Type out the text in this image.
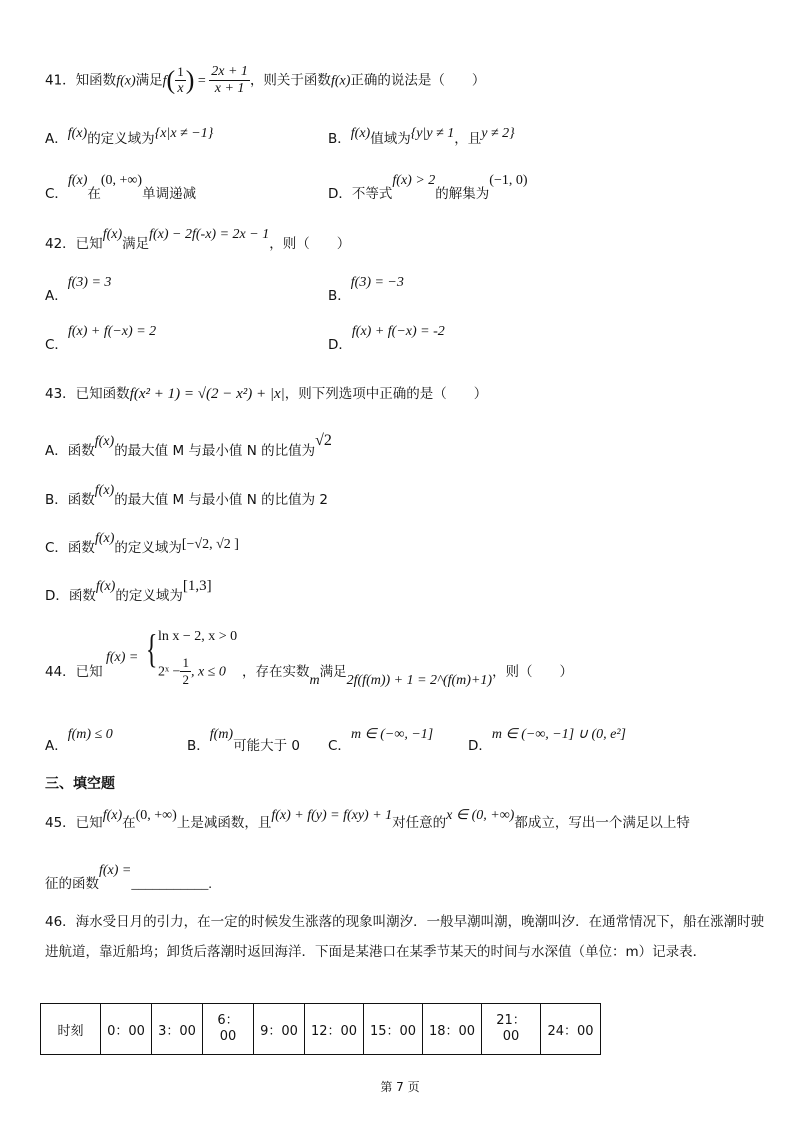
41．知函数f(x)满足$f( \frac{1}{x}$ ) = $\frac{2x + 1}{x + 1}$ ，则关于函数f(x)正确的说法是（　　）
A．f(x)的定义域为{x|x ≠ −1}	B．f(x)值域为{y|y ≠ 1，且y ≠ 2}
C．f(x)在(0, +∞)单调递减	D．不等式f(x) > 2的解集为(−1, 0)
42．已知f(x)满足f(x) − 2f(-x) = 2x − 1，则（　　）
A．f(3) = 3
B．f(3) = −3
C．f(x) + f(−x) = 2
D．f(x) + f(−x) = -2
43．已知函数f(x² + 1) = √(2 − x²) + |x|，则下列选项中正确的是（　　）
A．函数f(x)的最大值 M 与最小值 N 的比值为√2
B．函数f(x)的最大值 M 与最小值 N 的比值为 2
C．函数f(x)的定义域为[−√2, √2 ]
D．函数f(x)的定义域为[1,3]
44．已知
f(x) = { ln x − 2, x > 0
2ˣ − $\frac{1}{2}$ , x ≤ 0 ，存在实数m满足2f(f(m)) + 1 = 2^(f(m)+1)，则（　　）
A．f(m) ≤ 0
B．f(m)可能大于 0 C．m ∈ (−∞, −1]
D．m ∈ (−∞, −1] ∪ (0, e²]
三、填空题
45．已知f(x)在(0, +∞)上是减函数，且f(x) + f(y) = f(xy) + 1对任意的x ∈ (0, +∞)都成立，写出一个满足以上特
征的函数f(x) =___________.
46．海水受日月的引力，在一定的时候发生涨落的现象叫潮汐．一般早潮叫潮，晚潮叫汐．在通常情况下，船在涨潮时驶进航道，靠近船坞；卸货后落潮时返回海洋．下面是某港口在某季节某天的时间与水深值（单位：m）记录表．
时刻	0：00	3：00	6：
00	9：00	12：00	15：00	18：00	21：
00	24：00
第 7 页
